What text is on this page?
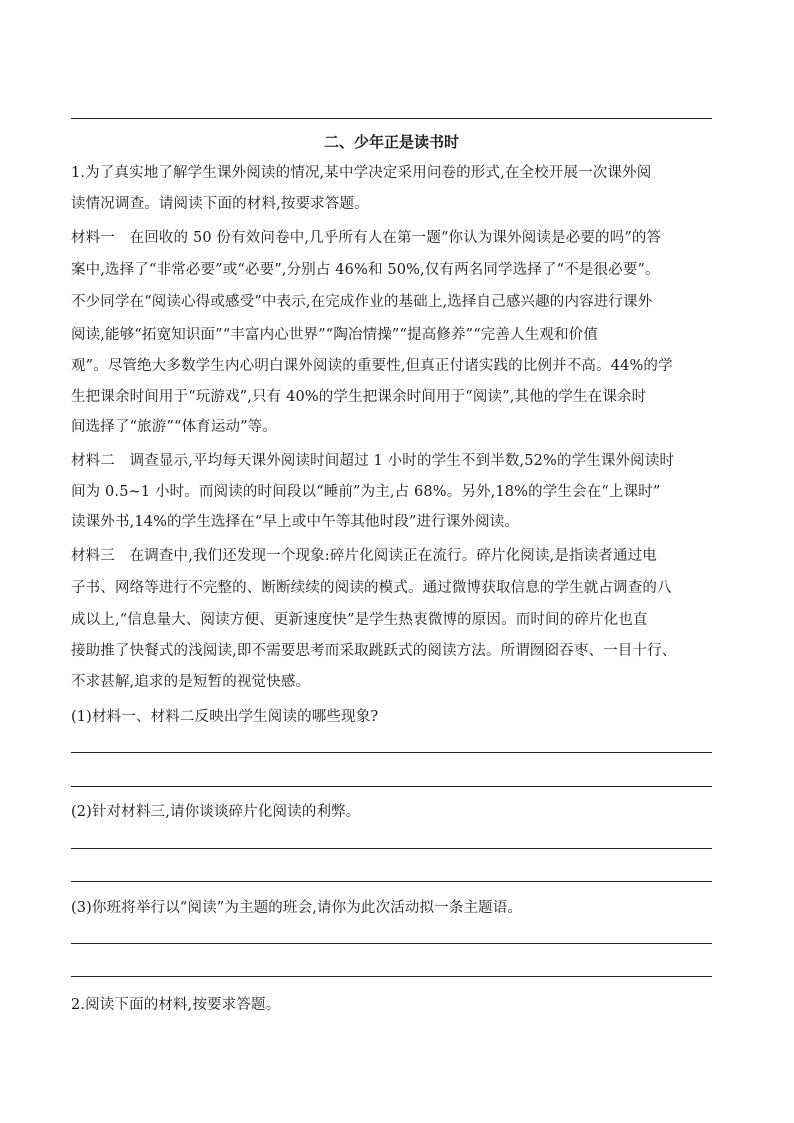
二、少年正是读书时
1.为了真实地了解学生课外阅读的情况,某中学决定采用问卷的形式,在全校开展一次课外阅
读情况调查。请阅读下面的材料,按要求答题。
材料一　在回收的 50 份有效问卷中,几乎所有人在第一题“你认为课外阅读是必要的吗”的答
案中,选择了“非常必要”或“必要”,分别占 46%和 50%,仅有两名同学选择了“不是很必要”。
不少同学在“阅读心得或感受”中表示,在完成作业的基础上,选择自己感兴趣的内容进行课外
阅读,能够“拓宽知识面”“丰富内心世界”“陶冶情操”“提高修养”“完善人生观和价值
观”。尽管绝大多数学生内心明白课外阅读的重要性,但真正付诸实践的比例并不高。44%的学
生把课余时间用于“玩游戏”,只有 40%的学生把课余时间用于“阅读”,其他的学生在课余时
间选择了“旅游”“体育运动”等。
材料二　调查显示,平均每天课外阅读时间超过 1 小时的学生不到半数,52%的学生课外阅读时
间为 0.5~1 小时。而阅读的时间段以“睡前”为主,占 68%。另外,18%的学生会在“上课时”
读课外书,14%的学生选择在“早上或中午等其他时段”进行课外阅读。
材料三　在调查中,我们还发现一个现象:碎片化阅读正在流行。碎片化阅读,是指读者通过电
子书、网络等进行不完整的、断断续续的阅读的模式。通过微博获取信息的学生就占调查的八
成以上,“信息量大、阅读方便、更新速度快”是学生热衷微博的原因。而时间的碎片化也直
接助推了快餐式的浅阅读,即不需要思考而采取跳跃式的阅读方法。所谓囫囵吞枣、一目十行、
不求甚解,追求的是短暂的视觉快感。
(1)材料一、材料二反映出学生阅读的哪些现象?
(2)针对材料三,请你谈谈碎片化阅读的利弊。
(3)你班将举行以“阅读”为主题的班会,请你为此次活动拟一条主题语。
2.阅读下面的材料,按要求答题。
